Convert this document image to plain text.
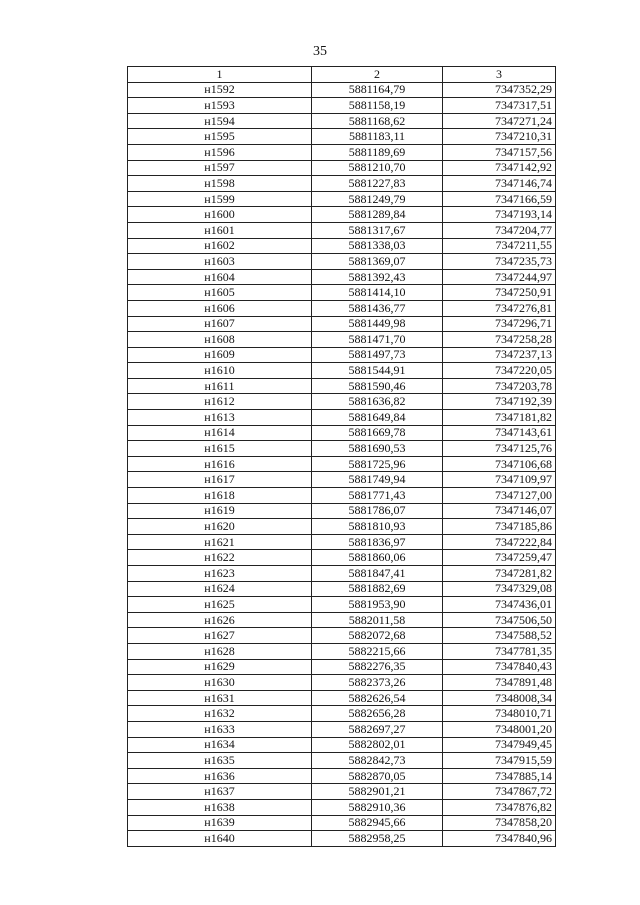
35
1	2	3
н1592	5881164,79	7347352,29
н1593	5881158,19	7347317,51
н1594	5881168,62	7347271,24
н1595	5881183,11	7347210,31
н1596	5881189,69	7347157,56
н1597	5881210,70	7347142,92
н1598	5881227,83	7347146,74
н1599	5881249,79	7347166,59
н1600	5881289,84	7347193,14
н1601	5881317,67	7347204,77
н1602	5881338,03	7347211,55
н1603	5881369,07	7347235,73
н1604	5881392,43	7347244,97
н1605	5881414,10	7347250,91
н1606	5881436,77	7347276,81
н1607	5881449,98	7347296,71
н1608	5881471,70	7347258,28
н1609	5881497,73	7347237,13
н1610	5881544,91	7347220,05
н1611	5881590,46	7347203,78
н1612	5881636,82	7347192,39
н1613	5881649,84	7347181,82
н1614	5881669,78	7347143,61
н1615	5881690,53	7347125,76
н1616	5881725,96	7347106,68
н1617	5881749,94	7347109,97
н1618	5881771,43	7347127,00
н1619	5881786,07	7347146,07
н1620	5881810,93	7347185,86
н1621	5881836,97	7347222,84
н1622	5881860,06	7347259,47
н1623	5881847,41	7347281,82
н1624	5881882,69	7347329,08
н1625	5881953,90	7347436,01
н1626	5882011,58	7347506,50
н1627	5882072,68	7347588,52
н1628	5882215,66	7347781,35
н1629	5882276,35	7347840,43
н1630	5882373,26	7347891,48
н1631	5882626,54	7348008,34
н1632	5882656,28	7348010,71
н1633	5882697,27	7348001,20
н1634	5882802,01	7347949,45
н1635	5882842,73	7347915,59
н1636	5882870,05	7347885,14
н1637	5882901,21	7347867,72
н1638	5882910,36	7347876,82
н1639	5882945,66	7347858,20
н1640	5882958,25	7347840,96
